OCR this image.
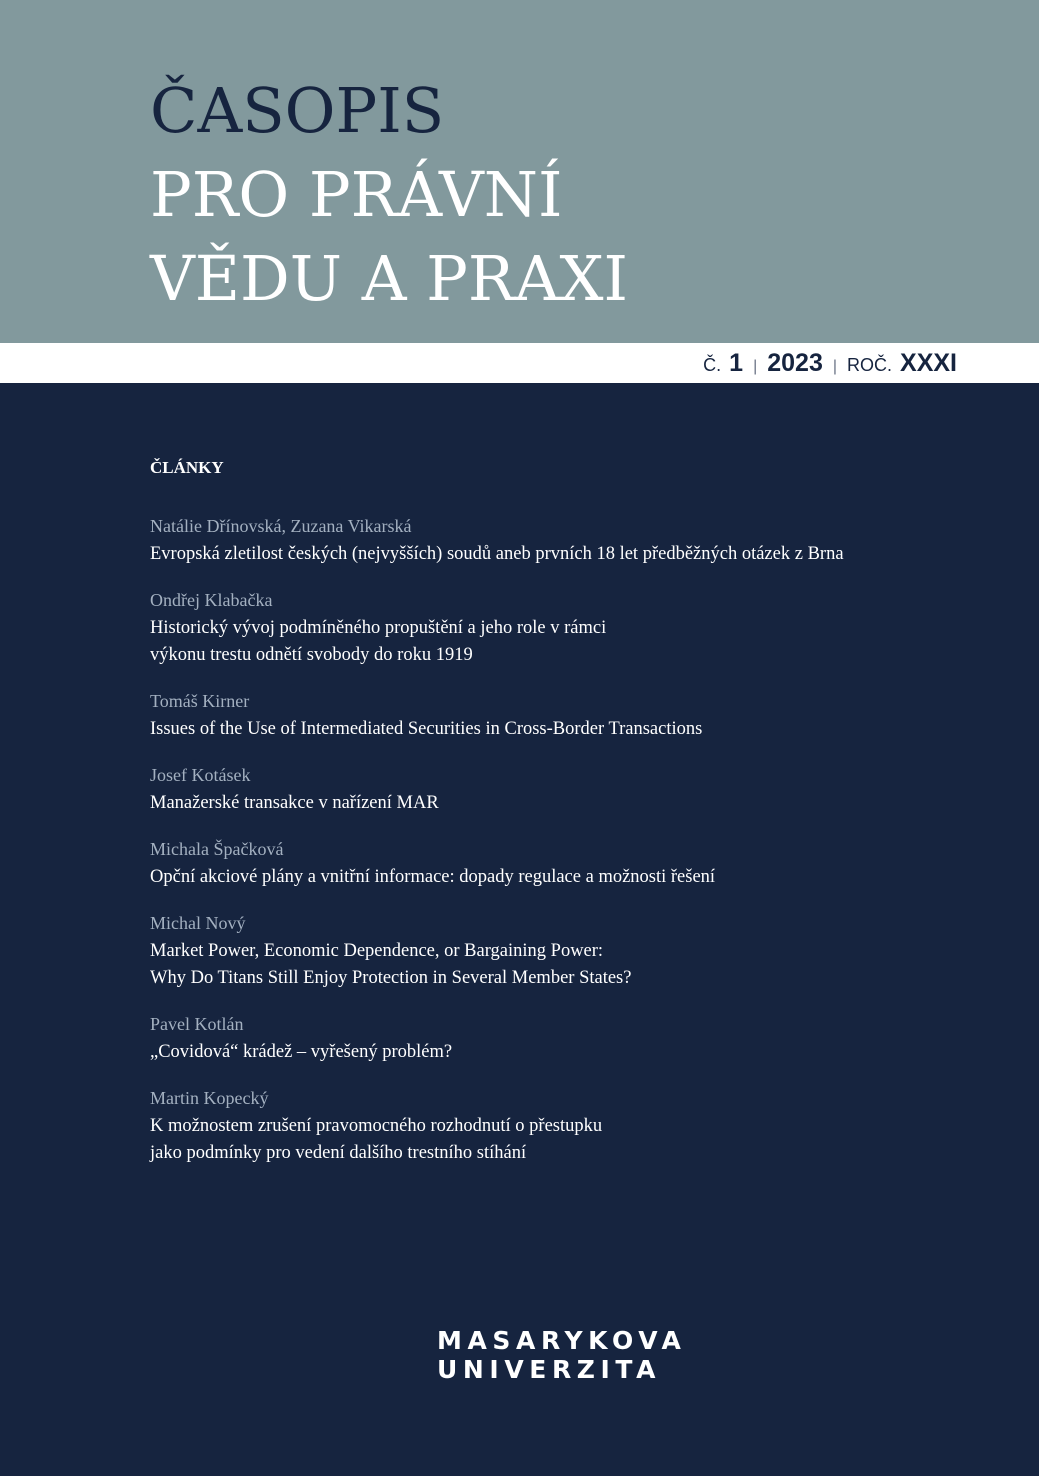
ČASOPIS
PRO PRÁVNÍ
VĚDU A PRAXI
Č. 1 | 2023 | ROČ. XXXI
ČLÁNKY
Natálie Dřínovská, Zuzana Vikarská
Evropská zletilost českých (nejvyšších) soudů aneb prvních 18 let předběžných otázek z Brna
Ondřej Klabačka
Historický vývoj podmíněného propuštění a jeho role v rámci
výkonu trestu odnětí svobody do roku 1919
Tomáš Kirner
Issues of the Use of Intermediated Securities in Cross-Border Transactions
Josef Kotásek
Manažerské transakce v nařízení MAR
Michala Špačková
Opční akciové plány a vnitřní informace: dopady regulace a možnosti řešení
Michal Nový
Market Power, Economic Dependence, or Bargaining Power:
Why Do Titans Still Enjoy Protection in Several Member States?
Pavel Kotlán
„Covidová“ krádež – vyřešený problém?
Martin Kopecký
K možnostem zrušení pravomocného rozhodnutí o přestupku
jako podmínky pro vedení dalšího trestního stíhání
MASARYKOVA
UNIVERZITA
